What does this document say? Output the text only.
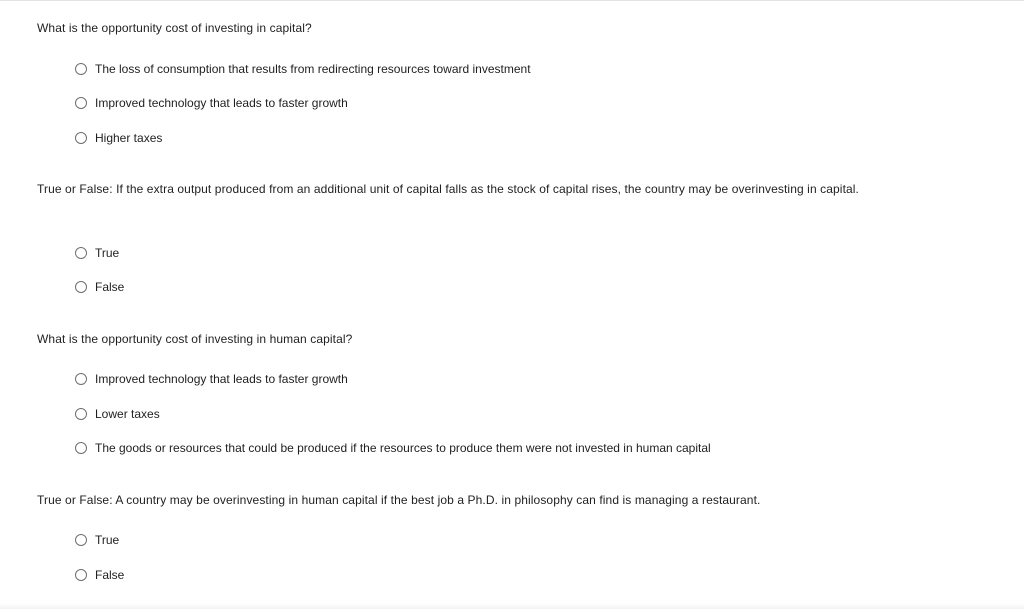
What is the opportunity cost of investing in capital?
The loss of consumption that results from redirecting resources toward investment
Improved technology that leads to faster growth
Higher taxes
True or False: If the extra output produced from an additional unit of capital falls as the stock of capital rises, the country may be overinvesting in capital.
True
False
What is the opportunity cost of investing in human capital?
Improved technology that leads to faster growth
Lower taxes
The goods or resources that could be produced if the resources to produce them were not invested in human capital
True or False: A country may be overinvesting in human capital if the best job a Ph.D. in philosophy can find is managing a restaurant.
True
False
